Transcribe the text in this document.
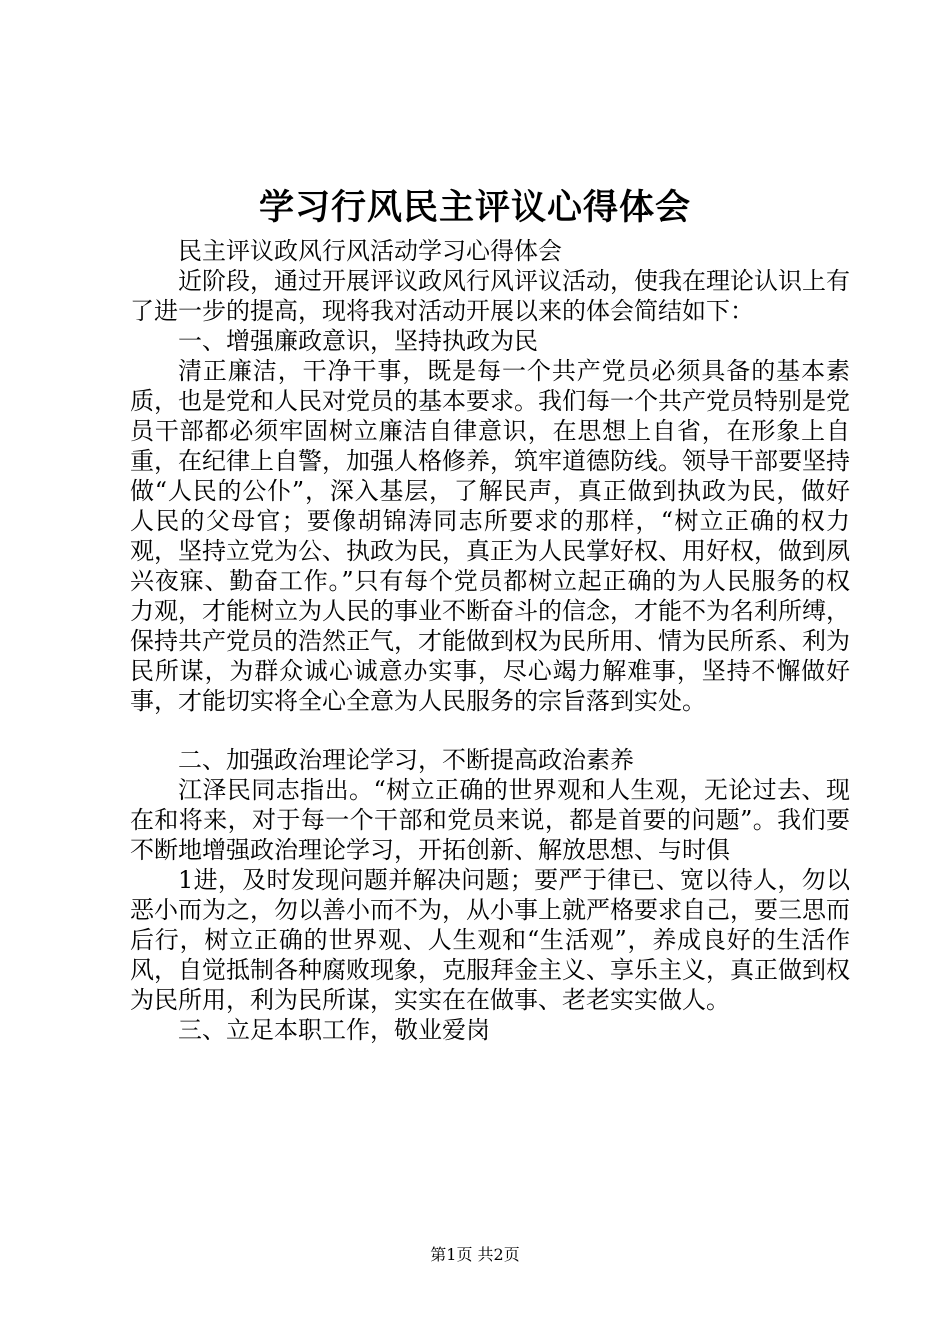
学习行风民主评议心得体会

民主评议政风行风活动学习心得体会

近阶段，通过开展评议政风行风评议活动，使我在理论认识上有了进一步的提高，现将我对活动开展以来的体会简结如下：

一、增强廉政意识，坚持执政为民

清正廉洁，干净干事，既是每一个共产党员必须具备的基本素质，也是党和人民对党员的基本要求。我们每一个共产党员特别是党员干部都必须牢固树立廉洁自律意识，在思想上自省，在形象上自重，在纪律上自警，加强人格修养，筑牢道德防线。领导干部要坚持做“人民的公仆”，深入基层，了解民声，真正做到执政为民，做好人民的父母官；要像胡锦涛同志所要求的那样，“树立正确的权力观，坚持立党为公、执政为民，真正为人民掌好权、用好权，做到夙兴夜寐、勤奋工作。”只有每个党员都树立起正确的为人民服务的权力观，才能树立为人民的事业不断奋斗的信念，才能不为名利所缚，保持共产党员的浩然正气，才能做到权为民所用、情为民所系、利为民所谋，为群众诚心诚意办实事，尽心竭力解难事，坚持不懈做好事，才能切实将全心全意为人民服务的宗旨落到实处。

二、加强政治理论学习，不断提高政治素养

江泽民同志指出。“树立正确的世界观和人生观，无论过去、现在和将来，对于每一个干部和党员来说，都是首要的问题”。我们要不断地增强政治理论学习，开拓创新、解放思想、与时俱

1进，及时发现问题并解决问题；要严于律已、宽以待人，勿以恶小而为之，勿以善小而不为，从小事上就严格要求自己，要三思而后行，树立正确的世界观、人生观和“生活观”，养成良好的生活作风，自觉抵制各种腐败现象，克服拜金主义、享乐主义，真正做到权为民所用，利为民所谋，实实在在做事、老老实实做人。

三、立足本职工作，敬业爱岗

第1页 共2页
